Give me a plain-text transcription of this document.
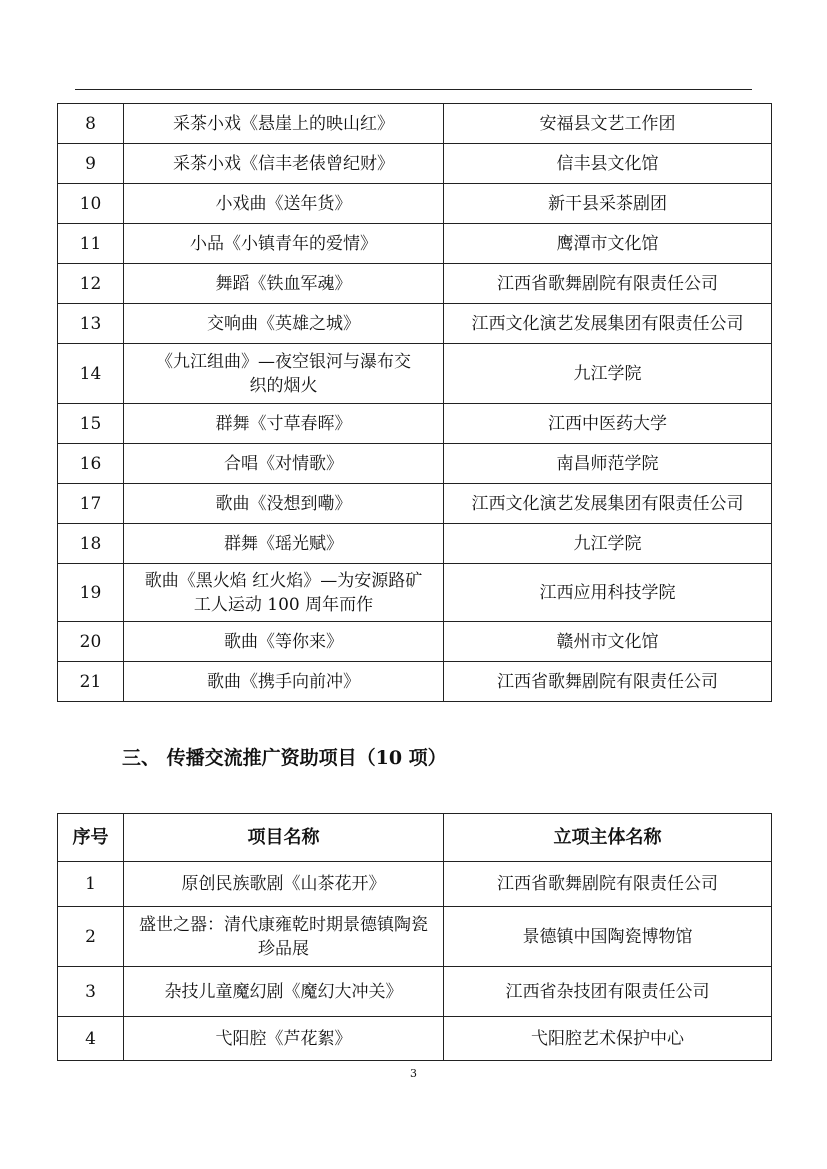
8	采茶小戏《悬崖上的映山红》	安福县文艺工作团
9	采茶小戏《信丰老俵曾纪财》	信丰县文化馆
10	小戏曲《送年货》	新干县采茶剧团
11	小品《小镇青年的爱情》	鹰潭市文化馆
12	舞蹈《铁血军魂》	江西省歌舞剧院有限责任公司
13	交响曲《英雄之城》	江西文化演艺发展集团有限责任公司
14	《九江组曲》—夜空银河与瀑布交织的烟火	九江学院
15	群舞《寸草春晖》	江西中医药大学
16	合唱《对情歌》	南昌师范学院
17	歌曲《没想到嘞》	江西文化演艺发展集团有限责任公司
18	群舞《瑶光赋》	九江学院
19	歌曲《黑火焰 红火焰》—为安源路矿工人运动 100 周年而作	江西应用科技学院
20	歌曲《等你来》	赣州市文化馆
21	歌曲《携手向前冲》	江西省歌舞剧院有限责任公司
三、 传播交流推广资助项目（10 项）
序号	项目名称	立项主体名称
1	原创民族歌剧《山茶花开》	江西省歌舞剧院有限责任公司
2	盛世之器：清代康雍乾时期景德镇陶瓷珍品展	景德镇中国陶瓷博物馆
3	杂技儿童魔幻剧《魔幻大冲关》	江西省杂技团有限责任公司
4	弋阳腔《芦花絮》	弋阳腔艺术保护中心
3
